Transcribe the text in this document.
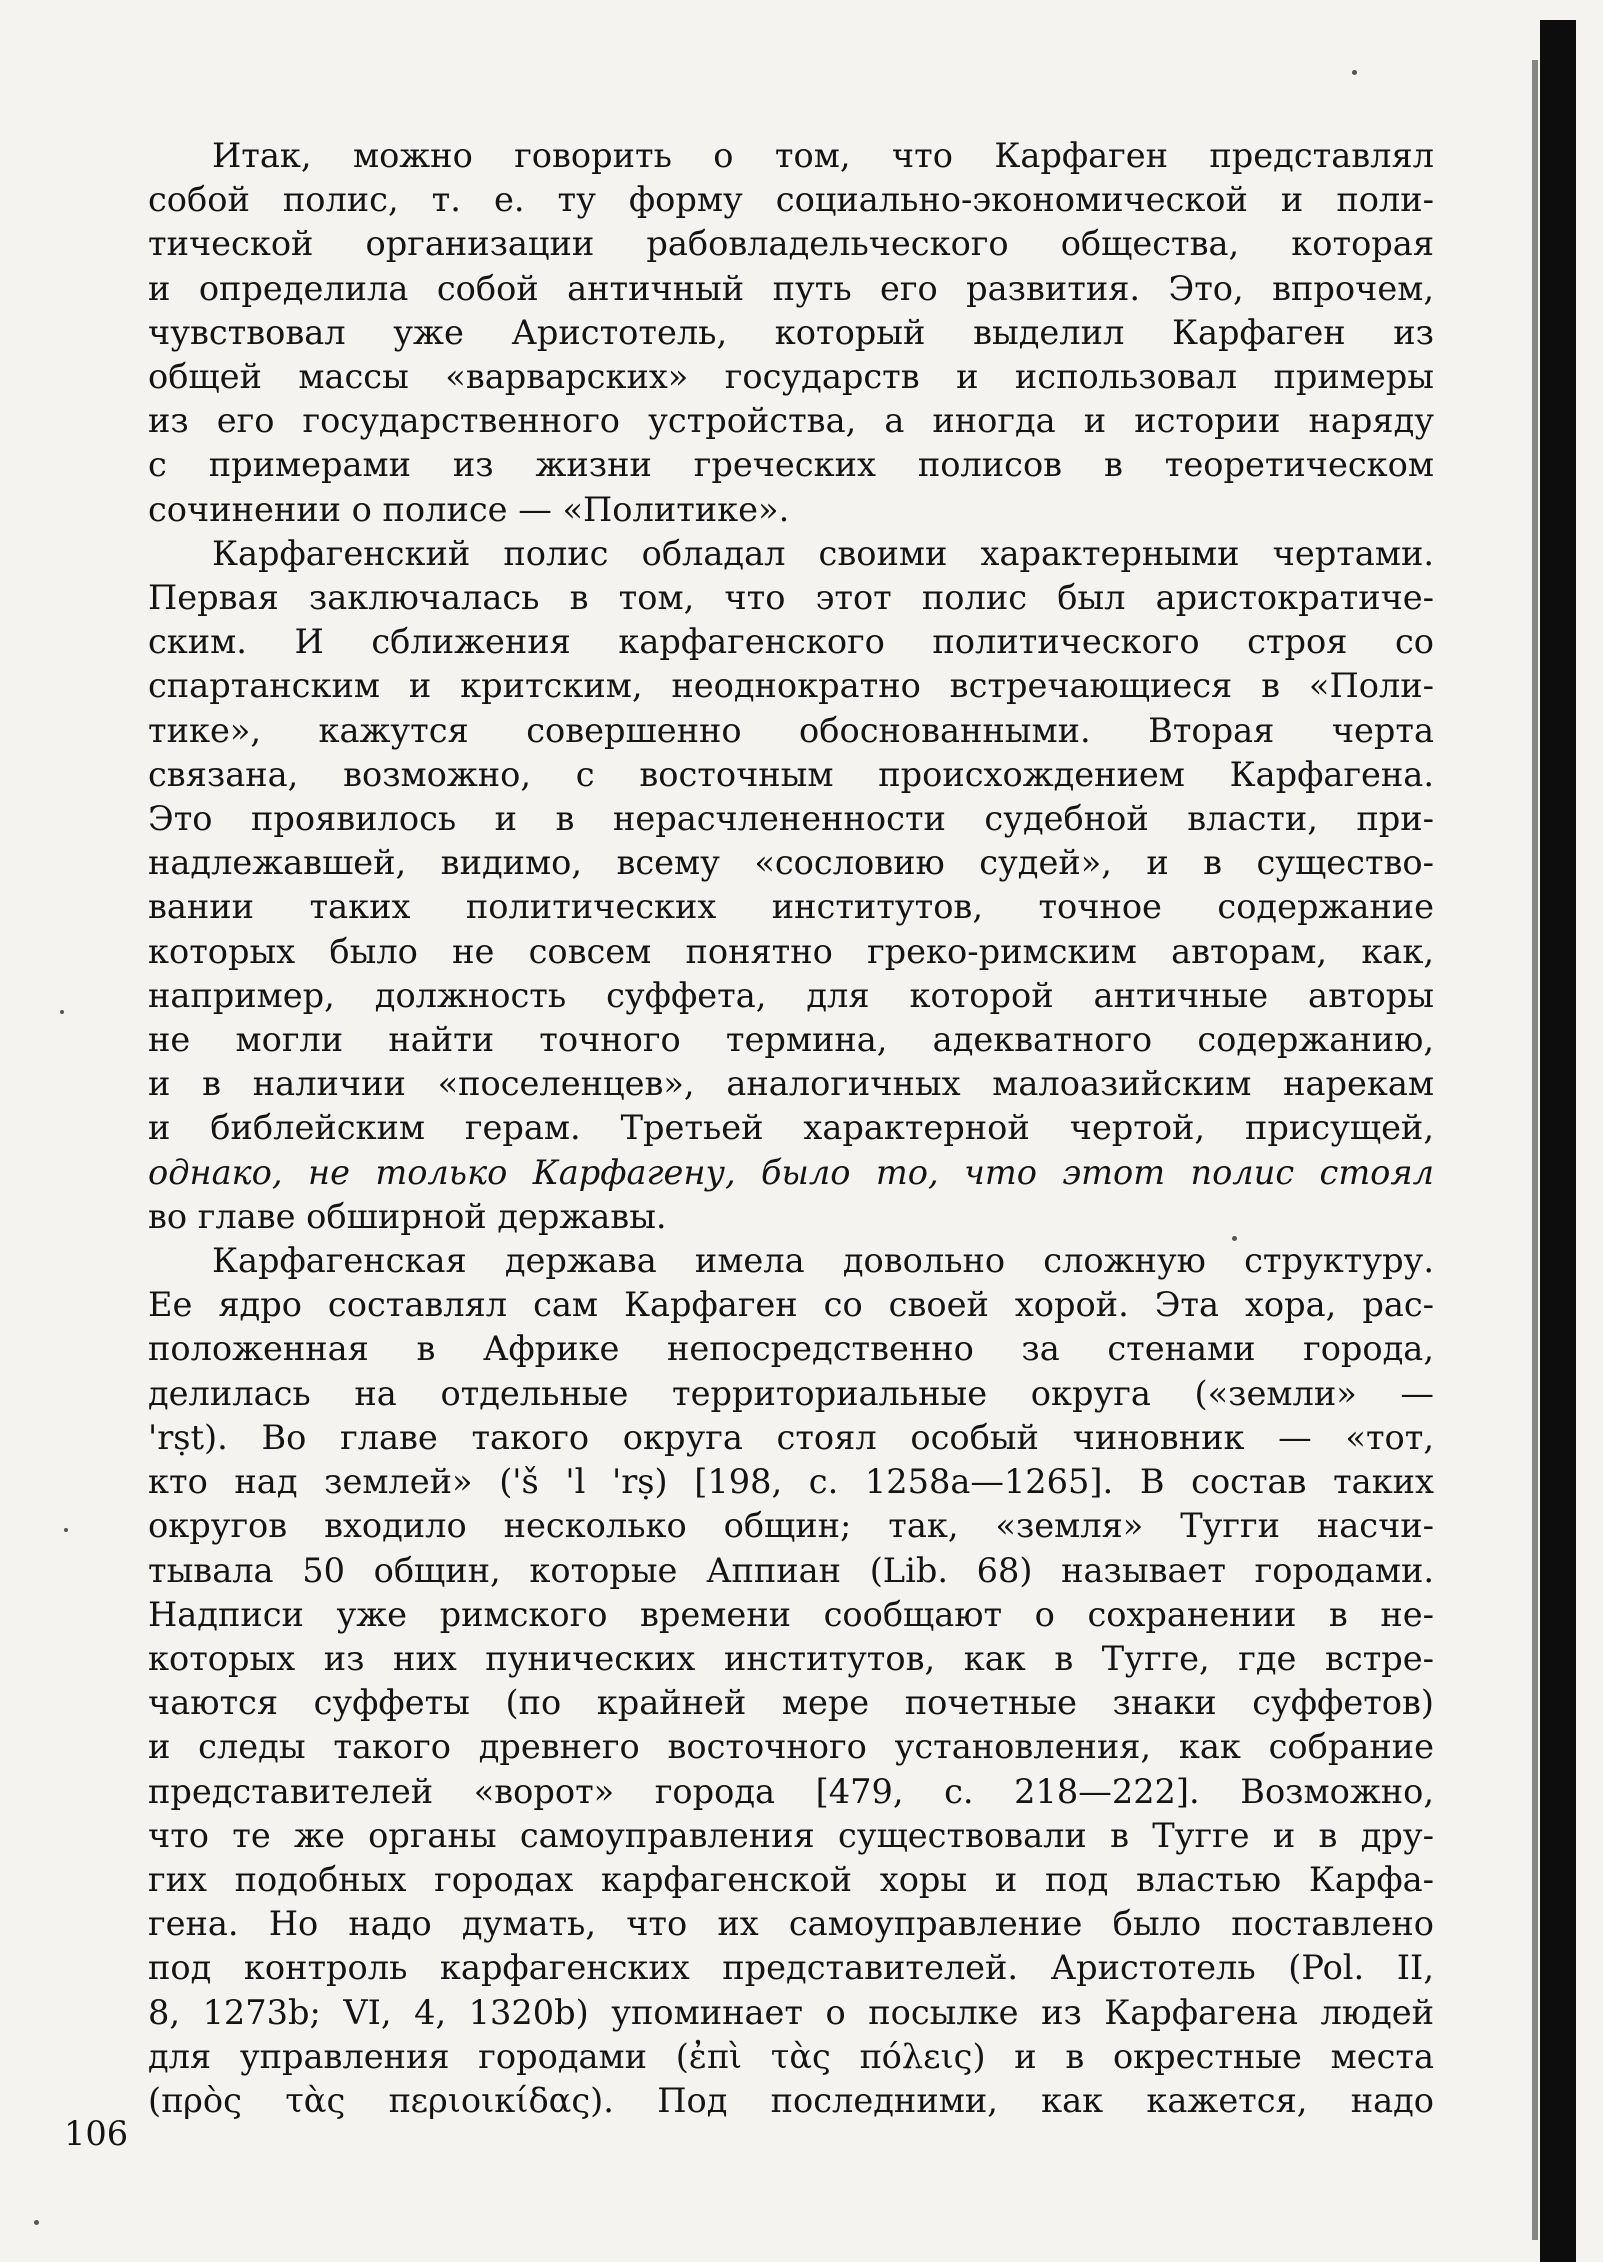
Итак, можно говорить о том, что Карфаген представлял
собой полис, т. е. ту форму социально-экономической и поли-
тической организации рабовладельческого общества, которая
и определила собой античный путь его развития. Это, впрочем,
чувствовал уже Аристотель, который выделил Карфаген из
общей массы «варварских» государств и использовал примеры
из его государственного устройства, а иногда и истории наряду
с примерами из жизни греческих полисов в теоретическом
сочинении о полисе — «Политике».

Карфагенский полис обладал своими характерными чертами.
Первая заключалась в том, что этот полис был аристократиче-
ским. И сближения карфагенского политического строя со
спартанским и критским, неоднократно встречающиеся в «Поли-
тике», кажутся совершенно обоснованными. Вторая черта
связана, возможно, с восточным происхождением Карфагена.
Это проявилось и в нерасчлененности судебной власти, при-
надлежавшей, видимо, всему «сословию судей», и в существо-
вании таких политических институтов, точное содержание
которых было не совсем понятно греко-римским авторам, как,
например, должность суффета, для которой античные авторы
не могли найти точного термина, адекватного содержанию,
и в наличии «поселенцев», аналогичных малоазийским нарекам
и библейским герам. Третьей характерной чертой, присущей,
однако, не только Карфагену, было то, что этот полис стоял
во главе обширной державы.

Карфагенская держава имела довольно сложную структуру.
Ее ядро составлял сам Карфаген со своей хорой. Эта хора, рас-
положенная в Африке непосредственно за стенами города,
делилась на отдельные территориальные округа («земли» —
'rṣt). Во главе такого округа стоял особый чиновник — «тот,
кто над землей» ('š 'l 'rṣ) [198, с. 1258а—1265]. В состав таких
округов входило несколько общин; так, «земля» Тугги насчи-
тывала 50 общин, которые Аппиан (Lib. 68) называет городами.
Надписи уже римского времени сообщают о сохранении в не-
которых из них пунических институтов, как в Тугге, где встре-
чаются суффеты (по крайней мере почетные знаки суффетов)
и следы такого древнего восточного установления, как собрание
представителей «ворот» города [479, с. 218—222]. Возможно,
что те же органы самоуправления существовали в Тугге и в дру-
гих подобных городах карфагенской хоры и под властью Карфа-
гена. Но надо думать, что их самоуправление было поставлено
под контроль карфагенских представителей. Аристотель (Pol. II,
8, 1273b; VI, 4, 1320b) упоминает о посылке из Карфагена людей
для управления городами (ἐπὶ τὰς πόλεις) и в окрестные места
(πρὸς τὰς περιοικίδας). Под последними, как кажется, надо

106
